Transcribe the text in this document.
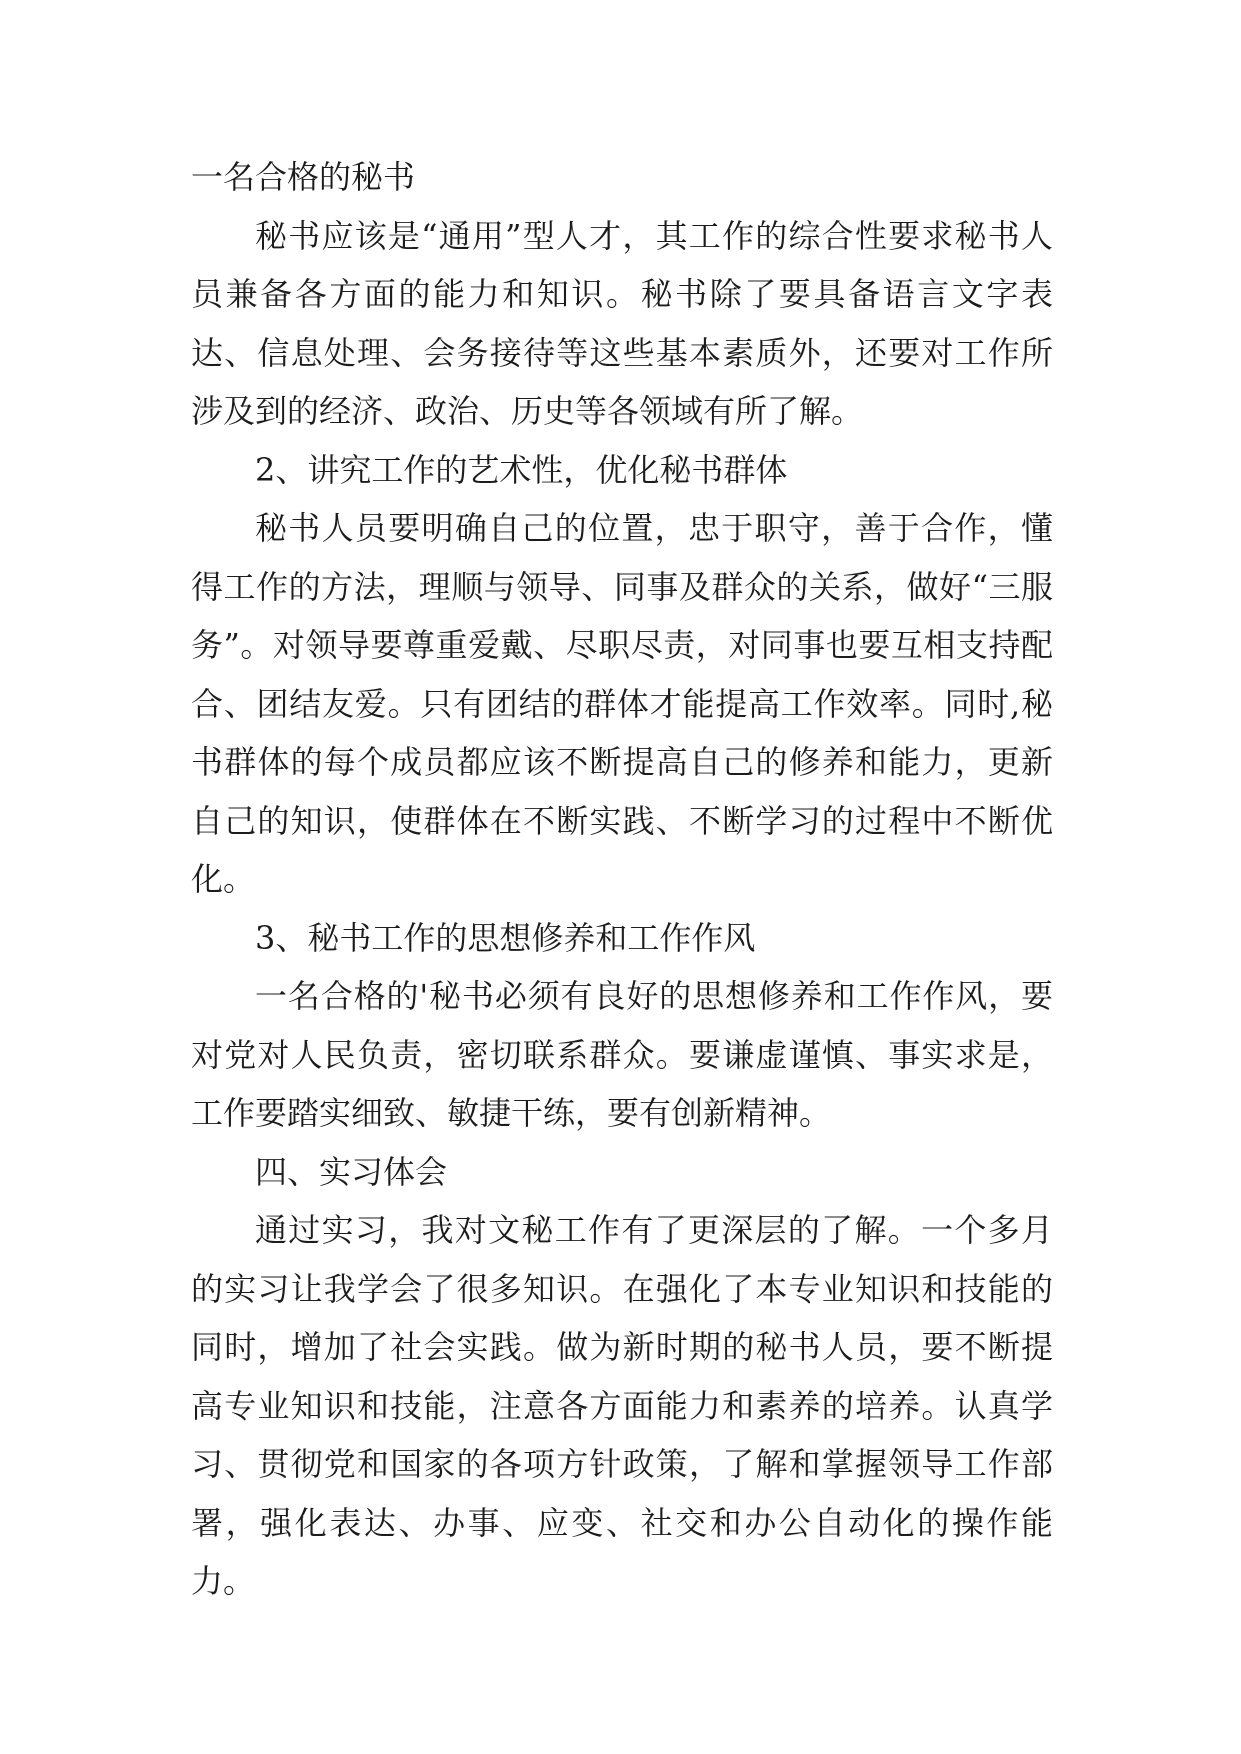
一名合格的秘书

秘书应该是“通用”型人才，其工作的综合性要求秘书人员兼备各方面的能力和知识。秘书除了要具备语言文字表达、信息处理、会务接待等这些基本素质外，还要对工作所涉及到的经济、政治、历史等各领域有所了解。

2、讲究工作的艺术性，优化秘书群体

秘书人员要明确自己的位置，忠于职守，善于合作，懂得工作的方法，理顺与领导、同事及群众的关系，做好“三服务”。对领导要尊重爱戴、尽职尽责，对同事也要互相支持配合、团结友爱。只有团结的群体才能提高工作效率。同时,秘书群体的每个成员都应该不断提高自己的修养和能力，更新自己的知识，使群体在不断实践、不断学习的过程中不断优化。

3、秘书工作的思想修养和工作作风

一名合格的'秘书必须有良好的思想修养和工作作风，要对党对人民负责，密切联系群众。要谦虚谨慎、事实求是，工作要踏实细致、敏捷干练，要有创新精神。

四、实习体会

通过实习，我对文秘工作有了更深层的了解。一个多月的实习让我学会了很多知识。在强化了本专业知识和技能的同时，增加了社会实践。做为新时期的秘书人员，要不断提高专业知识和技能，注意各方面能力和素养的培养。认真学习、贯彻党和国家的各项方针政策，了解和掌握领导工作部署，强化表达、办事、应变、社交和办公自动化的操作能力。
